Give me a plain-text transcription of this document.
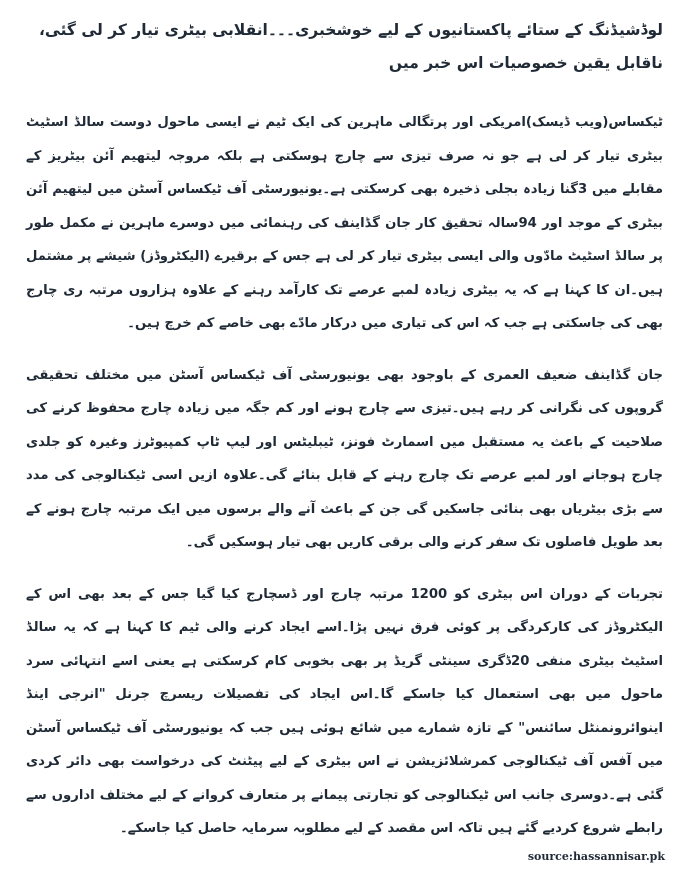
لوڈشیڈنگ کے ستائے پاکستانیوں کے لیے خوشخبری۔۔۔انقلابی بیٹری تیار کر لی گئی، ناقابل یقین خصوصیات اس خبر میں

ٹیکساس(ویب ڈیسک)امریکی اور پرتگالی ماہرین کی ایک ٹیم نے ایسی ماحول دوست سالڈ اسٹیٹ بیٹری تیار کر لی ہے جو نہ صرف تیزی سے چارج ہوسکتی ہے بلکہ مروجہ لیتھیم آئن بیٹریز کے مقابلے میں 3گنا زیادہ بجلی ذخیرہ بھی کرسکتی ہے۔یونیورسٹی آف ٹیکساس آسٹن میں لیتھیم آئن بیٹری کے موجد اور 94سالہ تحقیق کار جان گڈاینف کی رہنمائی میں دوسرے ماہرین نے مکمل طور پر سالڈ اسٹیٹ مادّوں والی ایسی بیٹری تیار کر لی ہے جس کے برقیرے (الیکٹروڈز) شیشے پر مشتمل ہیں۔ان کا کہنا ہے کہ یہ بیٹری زیادہ لمبے عرصے تک کارآمد رہنے کے علاوہ ہزاروں مرتبہ ری چارج بھی کی جاسکتی ہے جب کہ اس کی تیاری میں درکار مادّے بھی خاصے کم خرچ ہیں۔

جان گڈاینف ضعیف العمری کے باوجود بھی یونیورسٹی آف ٹیکساس آسٹن میں مختلف تحقیقی گروپوں کی نگرانی کر رہے ہیں۔تیزی سے چارج ہونے اور کم جگہ میں زیادہ چارج محفوظ کرنے کی صلاحیت کے باعث یہ مستقبل میں اسمارٹ فونز، ٹیبلیٹس اور لیپ ٹاپ کمپیوٹرز وغیرہ کو جلدی چارج ہوجانے اور لمبے عرصے تک چارج رہنے کے قابل بنائے گی۔علاوہ ازیں اسی ٹیکنالوجی کی مدد سے بڑی بیٹریاں بھی بنائی جاسکیں گی جن کے باعث آنے والے برسوں میں ایک مرتبہ چارج ہونے کے بعد طویل فاصلوں تک سفر کرنے والی برقی کاریں بھی تیار ہوسکیں گی۔

تجربات کے دوران اس بیٹری کو 1200 مرتبہ چارج اور ڈسچارج کیا گیا جس کے بعد بھی اس کے الیکٹروڈز کی کارکردگی پر کوئی فرق نہیں پڑا۔اسے ایجاد کرنے والی ٹیم کا کہنا ہے کہ یہ سالڈ اسٹیٹ بیٹری منفی 20ڈگری سینٹی گریڈ پر بھی بخوبی کام کرسکتی ہے یعنی اسے انتہائی سرد ماحول میں بھی استعمال کیا جاسکے گا۔اس ایجاد کی تفصیلات ریسرچ جرنل "انرجی اینڈ اینوائرونمنٹل سائنس" کے تازہ شمارے میں شائع ہوئی ہیں جب کہ یونیورسٹی آف ٹیکساس آسٹن میں آفس آف ٹیکنالوجی کمرشلائزیشن نے اس بیٹری کے لیے پیٹنٹ کی درخواست بھی دائر کردی گئی ہے۔دوسری جانب اس ٹیکنالوجی کو تجارتی پیمانے پر متعارف کروانے کے لیے مختلف اداروں سے رابطے شروع کردیے گئے ہیں تاکہ اس مقصد کے لیے مطلوبہ سرمایہ حاصل کیا جاسکے۔

source:hassannisar.pk
